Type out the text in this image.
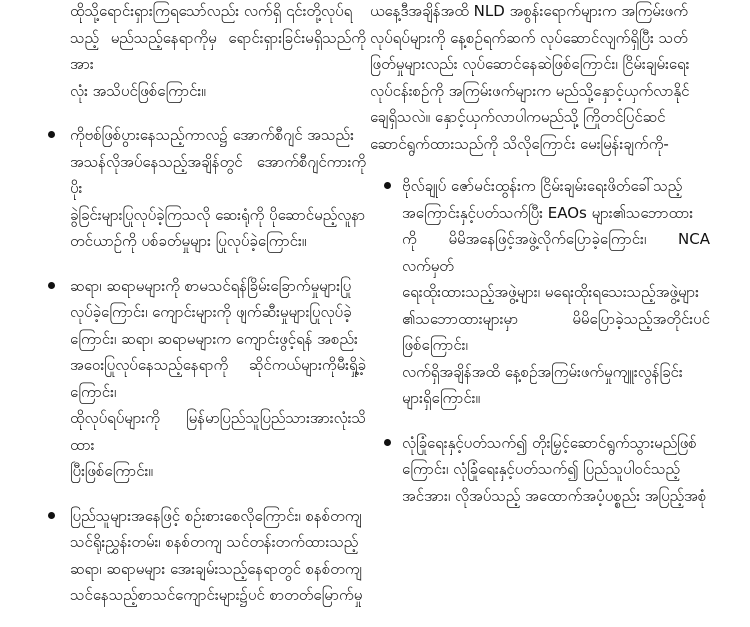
ထိုသို့ရောင်းရှားကြရသော်လည်း လက်ရှိ ၎င်းတို့လုပ်ရ
သည့် မည်သည့်နေရာကိုမှ ရောင်းရှားခြင်းမရှိသည်ကို အား
လုံး အသိပင်ဖြစ်ကြောင်း။
ကိုဗစ်ဖြစ်ပွားနေသည့်ကာလ၌ အောက်စီဂျင် အသည်း
အသန်လိုအပ်နေသည့်အချိန်တွင် အောက်စီဂျင်ကားကိုပိုး
ခွဲခြင်းများပြုလုပ်ခဲ့ကြသလို ဆေးရုံကို ပိုဆောင်မည့်လူနာ
တင်ယာဉ်ကို ပစ်ခတ်မှုများ ပြုလုပ်ခဲ့ကြောင်း။
ဆရာ၊ ဆရာမများကို စာမသင်ရန်ခြိမ်းခြောက်မှုများပြု
လုပ်ခဲ့ကြောင်း၊ ကျောင်းများကို ဖျက်ဆီးမှုများပြုလုပ်ခဲ့
ကြောင်း၊ ဆရာ၊ ဆရာမများက ကျောင်းဖွင့်ရန် အစည်း
အဝေးပြုလုပ်နေသည့်နေရာကို ဆိုင်ကယ်များကိုမီးရှို့ခဲ့ကြောင်း၊
ထိုလုပ်ရပ်များကို မြန်မာပြည်သူပြည်သားအားလုံးသိထား
ပြီးဖြစ်ကြောင်း။
ပြည်သူများအနေဖြင့် စဉ်းစားစေလိုကြောင်း၊ စနစ်တကျ
သင်ရိုးညွှန်းတမ်း၊ စနစ်တကျ သင်တန်းတက်ထားသည့်
ဆရာ၊ ဆရာမများ အေးချမ်းသည့်နေရာတွင် စနစ်တကျ
သင်နေသည့်စာသင်ကျောင်းများ၌ပင် စာတတ်မြောက်မှု
ယနေ့ဒီအချိန်အထိ NLD အစွန်းရောက်များက အကြမ်းဖက်
လုပ်ရပ်များကို နေ့စဉ်ရက်ဆက် လုပ်ဆောင်လျက်ရှိပြီး သတ်
ဖြတ်မှုများလည်း လုပ်ဆောင်နေဆဲဖြစ်ကြောင်း၊ ငြိမ်းချမ်းရေး
လုပ်ငန်းစဉ်ကို အကြမ်းဖက်များက မည်သို့နှောင့်ယှက်လာနိုင်
ချေရှိသလဲ။ နှောင့်ယှက်လာပါကမည်သို့ ကြိုတင်ပြင်ဆင်
ဆောင်ရွက်ထားသည်ကို သိလိုကြောင်း မေးမြန်းချက်ကို-
ဗိုလ်ချုပ် ဇော်မင်းထွန်းက ငြိမ်းချမ်းရေးဖိတ်ခေါ်သည့်
အကြောင်းနှင့်ပတ်သက်ပြီး EAOs များ၏သဘောထား
ကို မိမိအနေဖြင့်အဖွဲ့လိုက်ပြောခဲ့ကြောင်း၊ NCA လက်မှတ်
ရေးထိုးထားသည့်အဖွဲ့များ၊ မရေးထိုးရသေးသည့်အဖွဲ့များ
၏သဘောထားများမှာ မိမိပြောခဲ့သည့်အတိုင်းပင်ဖြစ်ကြောင်း၊
လက်ရှိအချိန်အထိ နေ့စဉ်အကြမ်းဖက်မှုကျူးလွန်ခြင်း
များရှိကြောင်း။
လုံခြုံရေးနှင့်ပတ်သက်၍ တိုးမြှင့်ဆောင်ရွက်သွားမည်ဖြစ်
ကြောင်း၊ လုံခြုံရေးနှင့်ပတ်သက်၍ ပြည်သူပါဝင်သည့်
အင်အား၊ လိုအပ်သည့် အထောက်အပံ့ပစ္စည်း အပြည့်အစုံ
